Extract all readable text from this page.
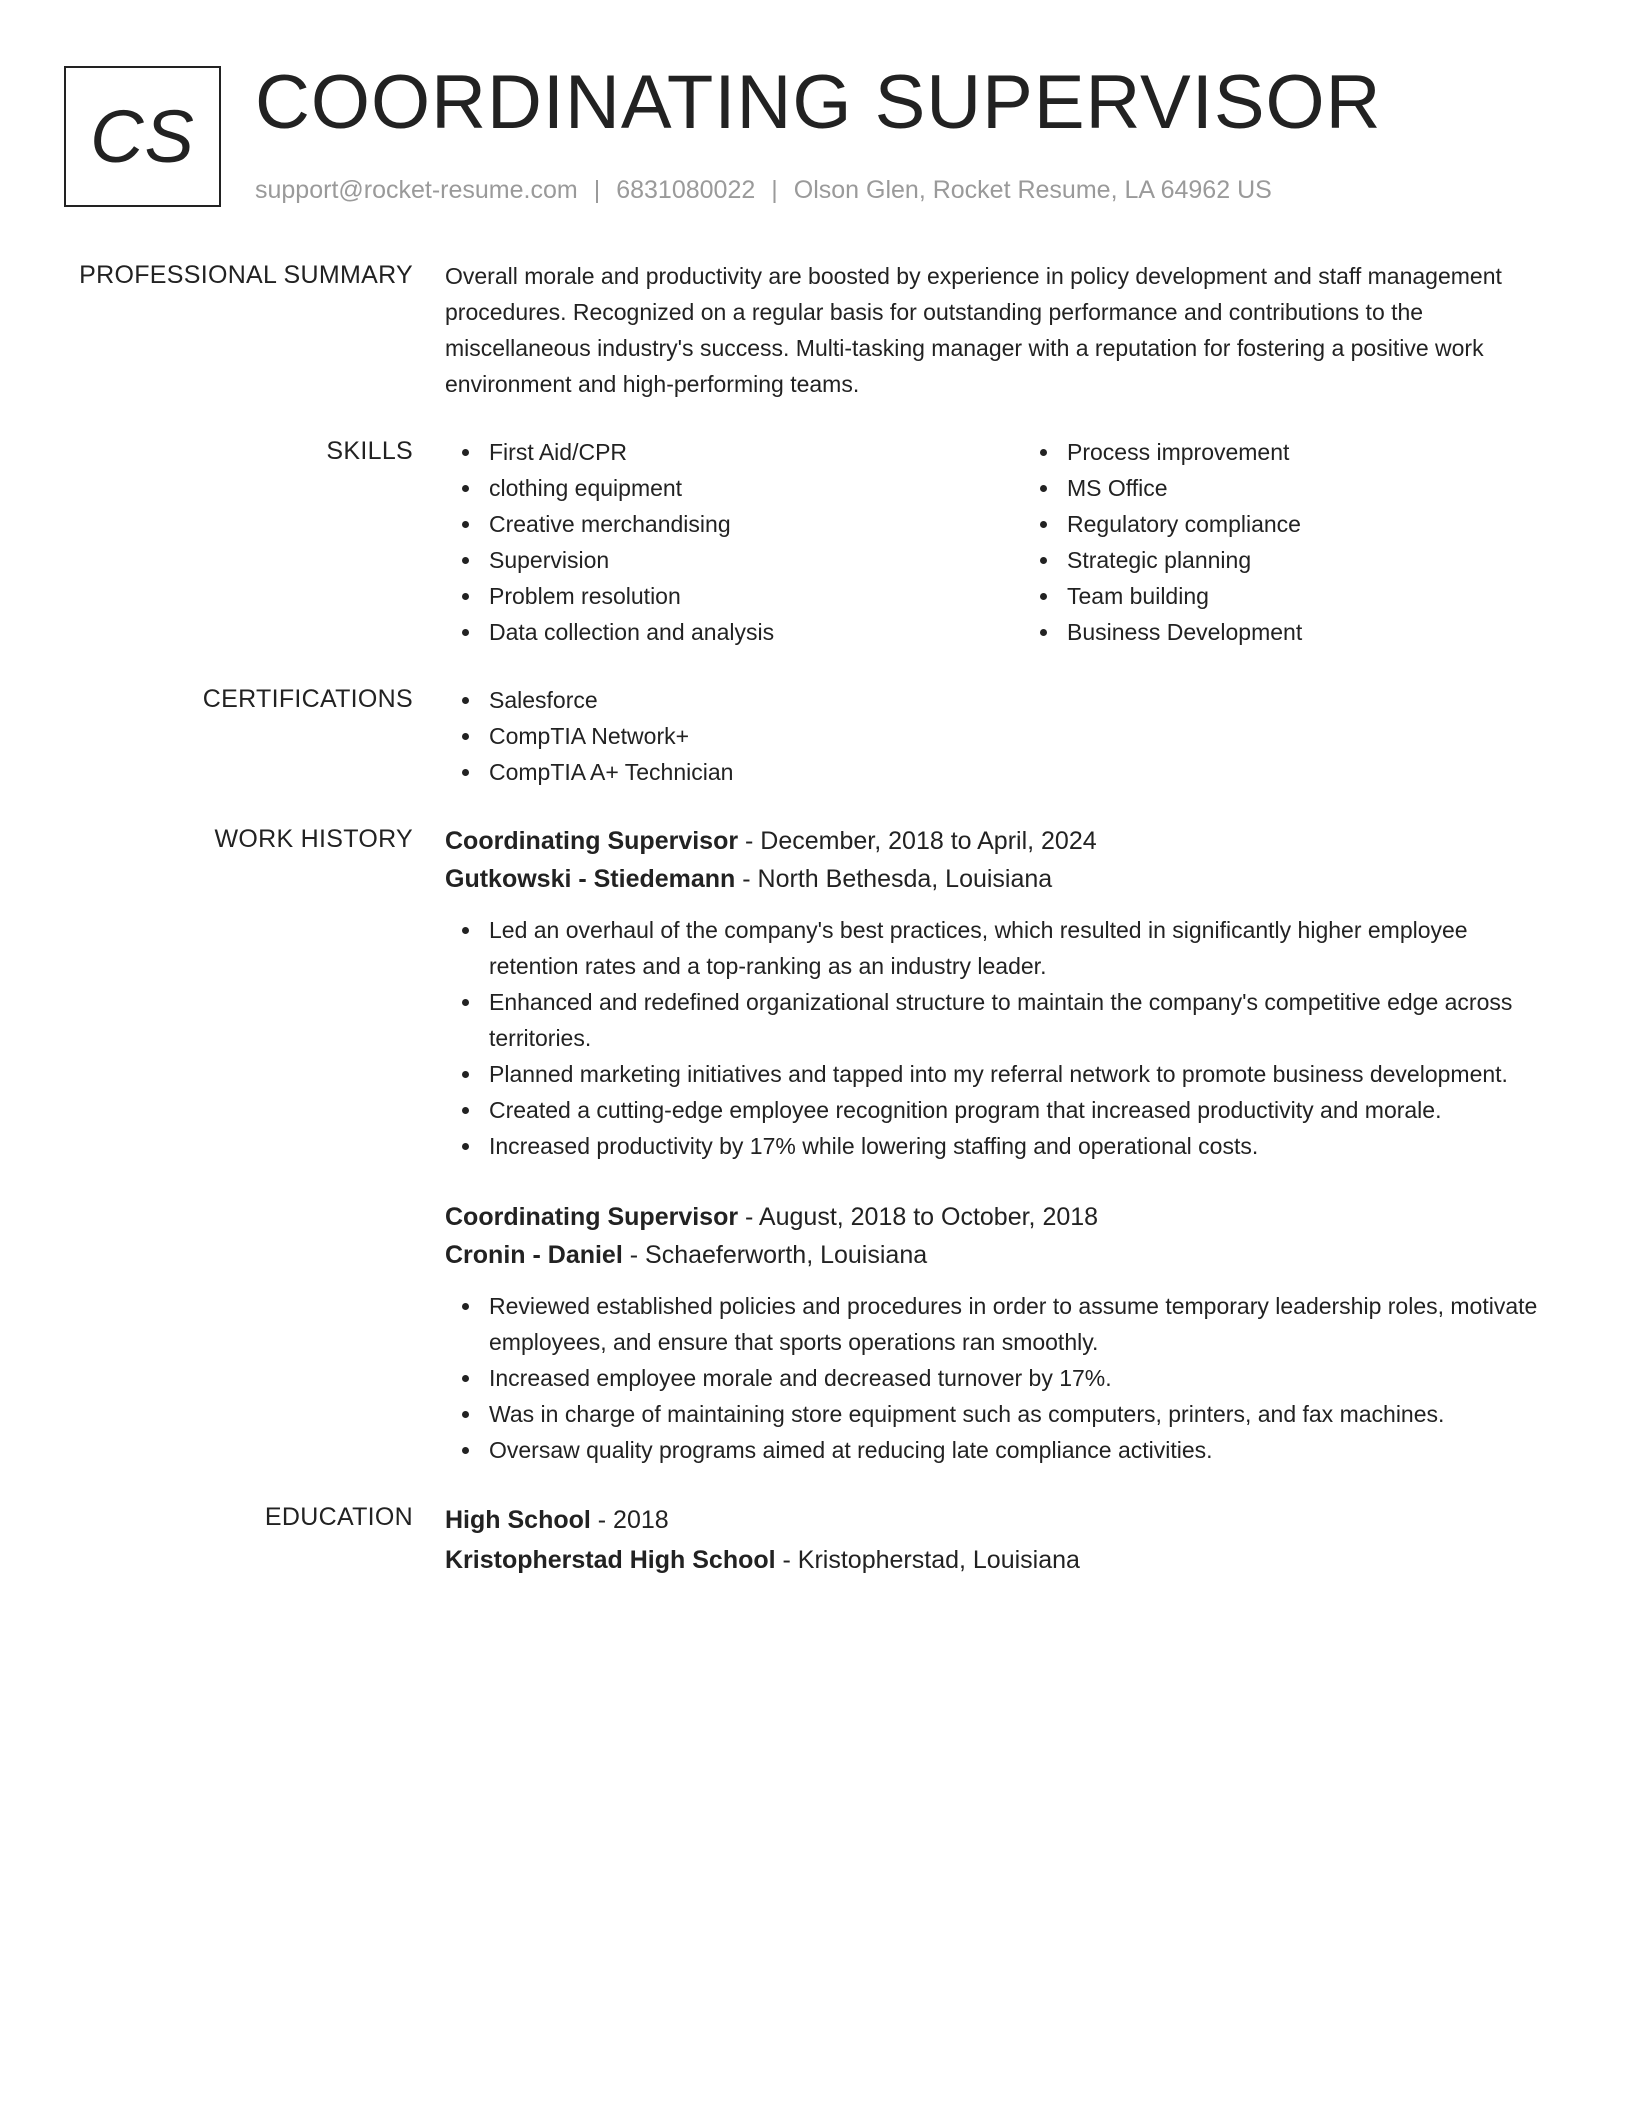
CS COORDINATING SUPERVISOR
support@rocket-resume.com | 6831080022 | Olson Glen, Rocket Resume, LA 64962 US
PROFESSIONAL SUMMARY Overall morale and productivity are boosted by experience in policy development and staff management procedures. Recognized on a regular basis for outstanding performance and contributions to the miscellaneous industry's success. Multi-tasking manager with a reputation for fostering a positive work environment and high-performing teams.

SKILLS	First Aid/CPR
clothing equipment
Creative merchandising
Supervision
Problem resolution
Data collection and analysis
Process improvement
MS Office
Regulatory compliance
Strategic planning
Team building
Business Development
CERTIFICATIONS	Salesforce
CompTIA Network+
CompTIA A+ Technician
WORK HISTORY Coordinating Supervisor - December, 2018 to April, 2024
Gutkowski - Stiedemann - North Bethesda, Louisiana
Led an overhaul of the company's best practices, which resulted in significantly higher employee retention rates and a top-ranking as an industry leader.
Enhanced and redefined organizational structure to maintain the company's competitive edge across territories.
Planned marketing initiatives and tapped into my referral network to promote business development.
Created a cutting-edge employee recognition program that increased productivity and morale.
Increased productivity by 17% while lowering staffing and operational costs.
Coordinating Supervisor - August, 2018 to October, 2018
Cronin - Daniel - Schaeferworth, Louisiana
Reviewed established policies and procedures in order to assume temporary leadership roles, motivate employees, and ensure that sports operations ran smoothly.
Increased employee morale and decreased turnover by 17%.
Was in charge of maintaining store equipment such as computers, printers, and fax machines.
Oversaw quality programs aimed at reducing late compliance activities.
EDUCATION High School - 2018
Kristopherstad High School - Kristopherstad, Louisiana
